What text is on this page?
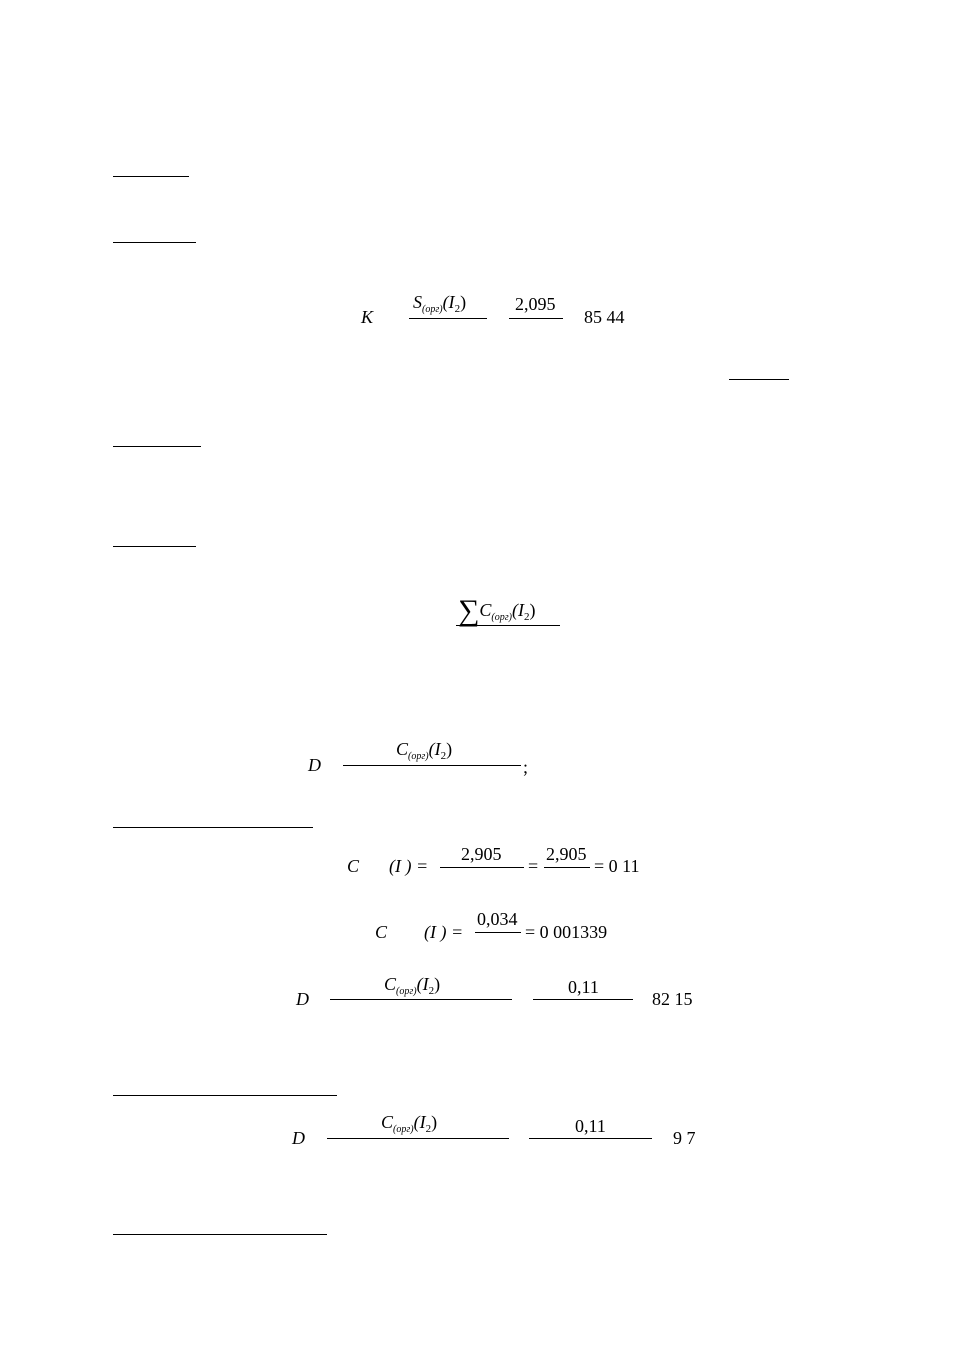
K
$S_{(орг)}(I_2)$	2,095
85 44
$\sum C_{(орг)}(I_2)$
D
$C_{(орг)}(I_2)$
;
C (I ) =
2,905
=
2,905
= 0 11
C (I ) =
0,034
= 0 001339
D
$C_{(орг)}(I_2)$	0,11
82 15
D
$C_{(орг)}(I_2)$	0,11
9 7
